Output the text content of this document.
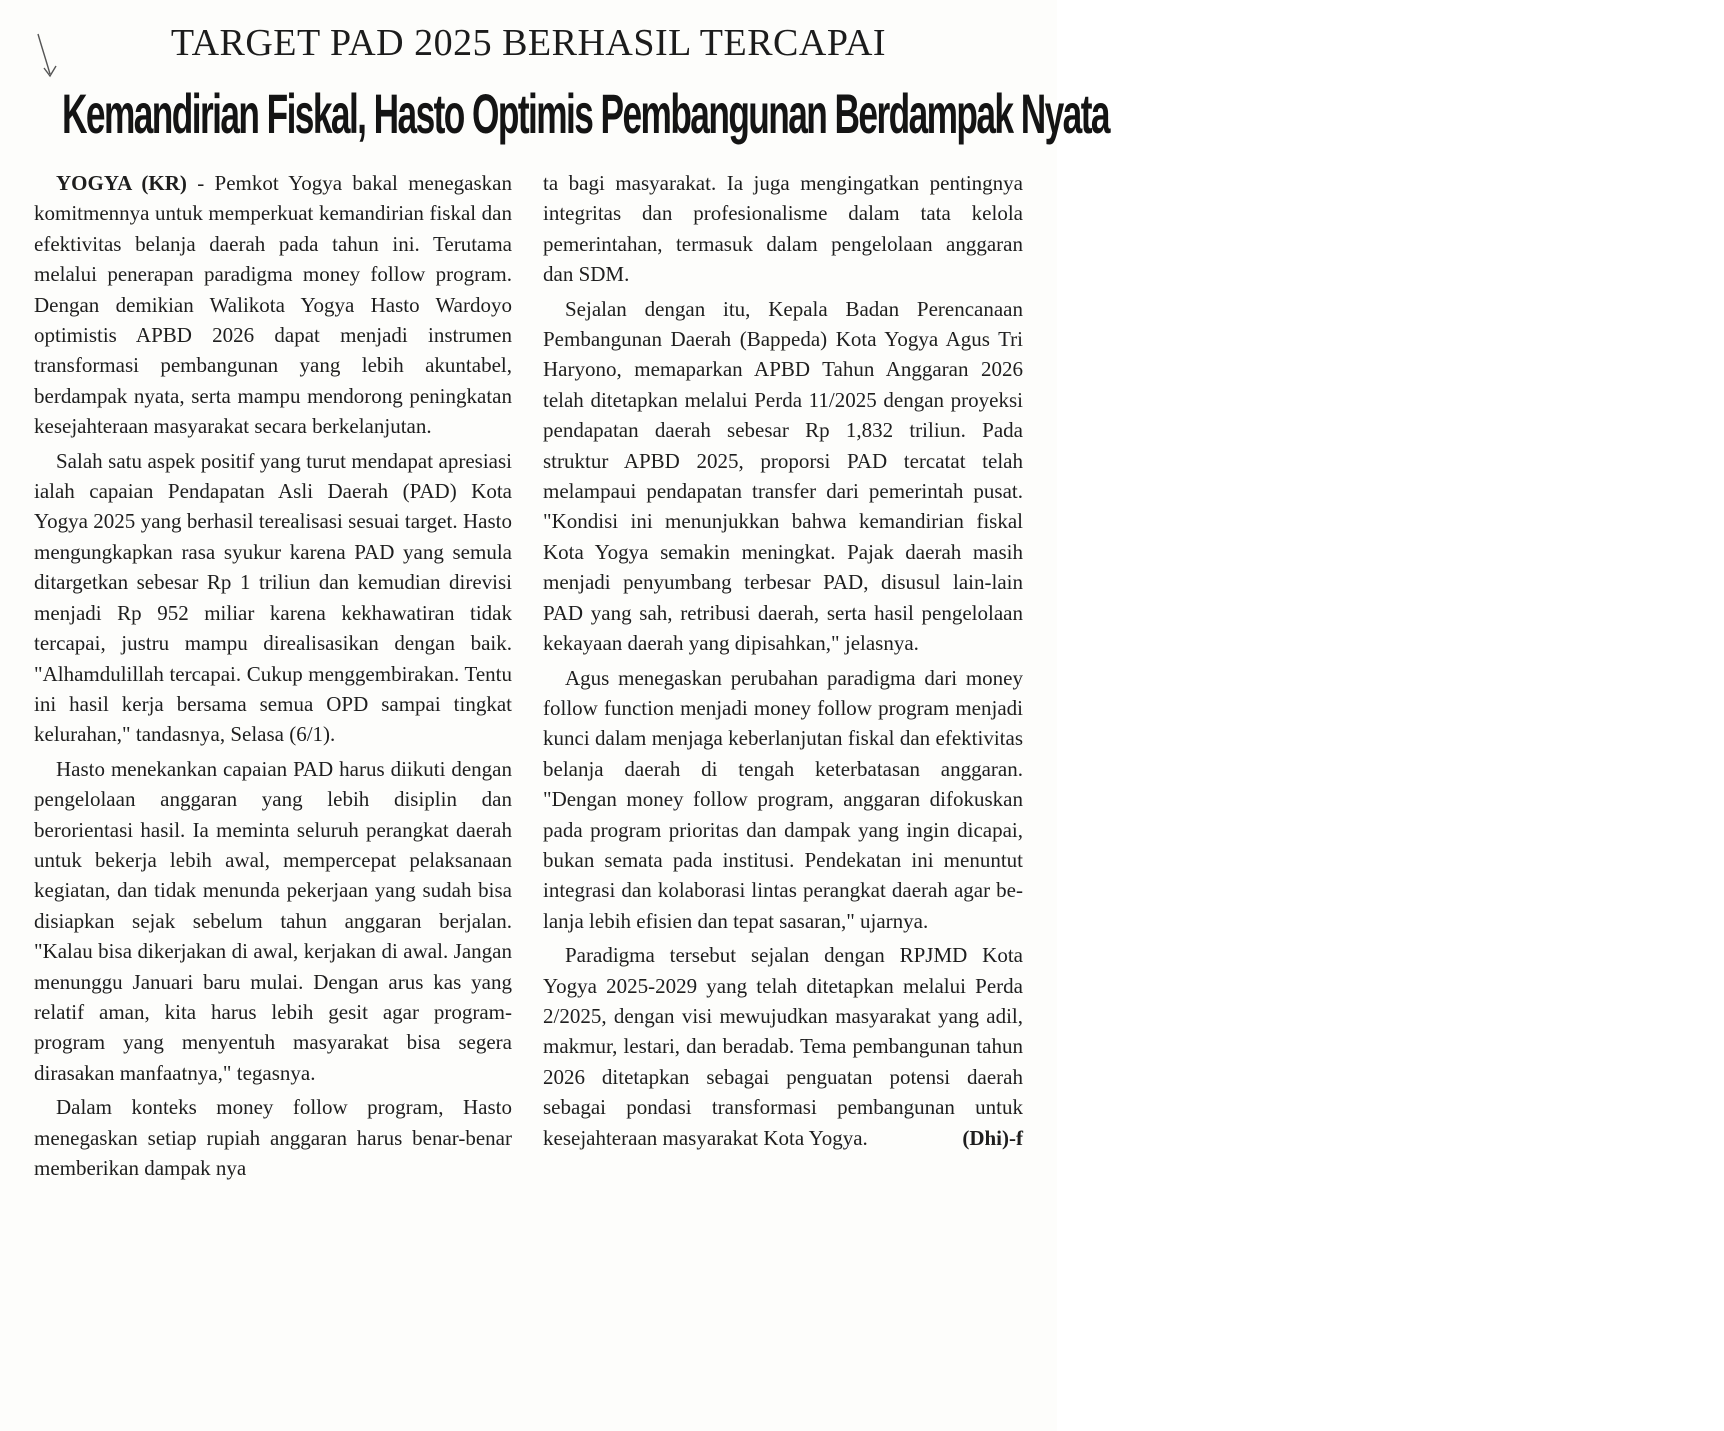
TARGET PAD 2025 BERHASIL TERCAPAI
Kemandirian Fiskal, Hasto Optimis Pembangunan Berdampak Nyata

YOGYA (KR) - Pemkot Yogya bakal menegaskan komitmennya untuk memperkuat kemandirian fiskal dan efektivitas belanja daerah pada tahun ini. Terutama melalui penerapan paradigma money follow program. Dengan demikian Walikota Yogya Hasto Wardoyo optimistis APBD 2026 dapat menjadi instrumen transformasi pembangunan yang lebih akuntabel, berdampak nyata, serta mampu mendorong peningkatan kesejahteraan masyarakat secara berkelanjutan.

Salah satu aspek positif yang turut mendapat apresiasi ialah capaian Pendapatan Asli Daerah (PAD) Kota Yogya 2025 yang berhasil terealisasi sesuai target. Hasto mengungkapkan rasa syukur karena PAD yang semula ditargetkan sebesar Rp 1 triliun dan kemudian direvisi menjadi Rp 952 miliar karena kekhawatiran tidak tercapai, justru mampu direalisasikan dengan baik. "Alhamdulillah tercapai. Cukup menggembirakan. Tentu ini hasil kerja bersama semua OPD sampai tingkat kelurahan," tandasnya, Selasa (6/1).

Hasto menekankan capaian PAD harus diikuti dengan pengelolaan anggaran yang lebih disiplin dan berorientasi hasil. Ia meminta seluruh perangkat daerah untuk bekerja lebih awal, mempercepat pelaksanaan kegiatan, dan tidak menunda pekerjaan yang sudah bisa disiapkan sejak sebelum tahun anggaran berjalan. "Kalau bisa dikerjakan di awal, kerjakan di awal. Jangan menunggu Januari baru mulai. Dengan arus kas yang relatif aman, kita harus lebih gesit agar program-program yang menyentuh masyarakat bisa segera dirasakan manfaatnya," tegasnya.

Dalam konteks money follow program, Hasto menegaskan setiap rupiah anggaran harus benar-benar memberikan dampak nya

ta bagi masyarakat. Ia juga mengingatkan pentingnya integritas dan profesionalisme dalam tata kelola pemerintahan, termasuk dalam pengelolaan anggaran dan SDM.

Sejalan dengan itu, Kepala Badan Perencanaan Pembangunan Daerah (Bappeda) Kota Yogya Agus Tri Haryono, memaparkan APBD Tahun Anggaran 2026 telah ditetapkan melalui Perda 11/2025 dengan proyeksi pendapatan daerah sebesar Rp 1,832 triliun. Pada struktur APBD 2025, proporsi PAD tercatat telah melampaui pendapatan transfer dari pemerintah pusat. "Kondisi ini menunjukkan bahwa kemandirian fiskal Kota Yogya semakin meningkat. Pajak daerah masih menjadi penyumbang terbesar PAD, disusul lain-lain PAD yang sah, retribusi daerah, serta hasil pengelolaan kekayaan daerah yang dipisahkan," jelasnya.

Agus menegaskan perubahan paradigma dari money follow function menjadi money follow program menjadi kunci dalam menjaga keberlanjutan fiskal dan efektivitas belanja daerah di tengah keterbatasan anggaran. "Dengan money follow program, anggaran difokuskan pada program prioritas dan dampak yang ingin dicapai, bukan semata pada institusi. Pendekatan ini menuntut integrasi dan kolaborasi lintas perangkat daerah agar belanja lebih efisien dan tepat sasaran," ujarnya.

Paradigma tersebut sejalan dengan RPJMD Kota Yogya 2025-2029 yang telah ditetapkan melalui Perda 2/2025, dengan visi mewujudkan masyarakat yang adil, makmur, lestari, dan beradab. Tema pembangunan tahun 2026 ditetapkan sebagai penguatan potensi daerah sebagai pondasi transformasi pembangunan untuk kesejahteraan masyarakat Kota Yogya.	(Dhi)-f
